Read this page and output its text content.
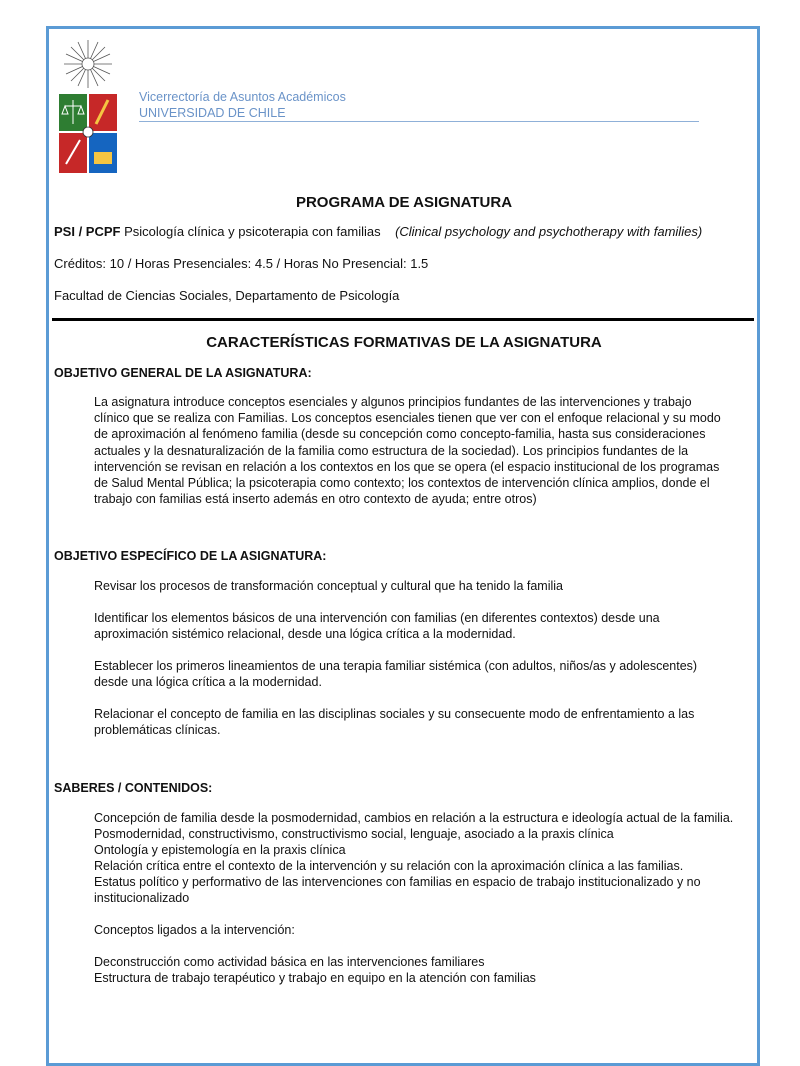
Vicerrectoría de Asuntos Académicos
UNIVERSIDAD DE CHILE
PROGRAMA DE ASIGNATURA
PSI / PCPF Psicología clínica y psicoterapia con familias (Clinical psychology and psychotherapy with families)
Créditos: 10 / Horas Presenciales: 4.5 / Horas No Presencial: 1.5
Facultad de Ciencias Sociales, Departamento de Psicología
CARACTERÍSTICAS FORMATIVAS DE LA ASIGNATURA
OBJETIVO GENERAL DE LA ASIGNATURA:
La asignatura introduce conceptos esenciales y algunos principios fundantes de las intervenciones y trabajo clínico que se realiza con Familias. Los conceptos esenciales tienen que ver con el enfoque relacional y su modo de aproximación al fenómeno familia (desde su concepción como concepto-familia, hasta sus consideraciones actuales y la desnaturalización de la familia como estructura de la sociedad). Los principios fundantes de la intervención se revisan en relación a los contextos en los que se opera (el espacio institucional de los programas de Salud Mental Pública; la psicoterapia como contexto; los contextos de intervención clínica amplios, donde el trabajo con familias está inserto además en otro contexto de ayuda; entre otros)
OBJETIVO ESPECÍFICO DE LA ASIGNATURA:

Revisar los procesos de transformación conceptual y cultural que ha tenido la familia

Identificar los elementos básicos de una intervención con familias (en diferentes contextos) desde una aproximación sistémico relacional, desde una lógica crítica a la modernidad.

Establecer los primeros lineamientos de una terapia familiar sistémica (con adultos, niños/as y adolescentes) desde una lógica crítica a la modernidad.

Relacionar el concepto de familia en las disciplinas sociales y su consecuente modo de enfrentamiento a las problemáticas clínicas.

SABERES / CONTENIDOS:

Concepción de familia desde la posmodernidad, cambios en relación a la estructura e ideología actual de la familia.

Posmodernidad, constructivismo, constructivismo social, lenguaje, asociado a la praxis clínica

Ontología y epistemología en la praxis clínica

Relación crítica entre el contexto de la intervención y su relación con la aproximación clínica a las familias.

Estatus político y performativo de las intervenciones con familias en espacio de trabajo institucionalizado y no institucionalizado

Conceptos ligados a la intervención:

Deconstrucción como actividad básica en las intervenciones familiares

Estructura de trabajo terapéutico y trabajo en equipo en la atención con familias
